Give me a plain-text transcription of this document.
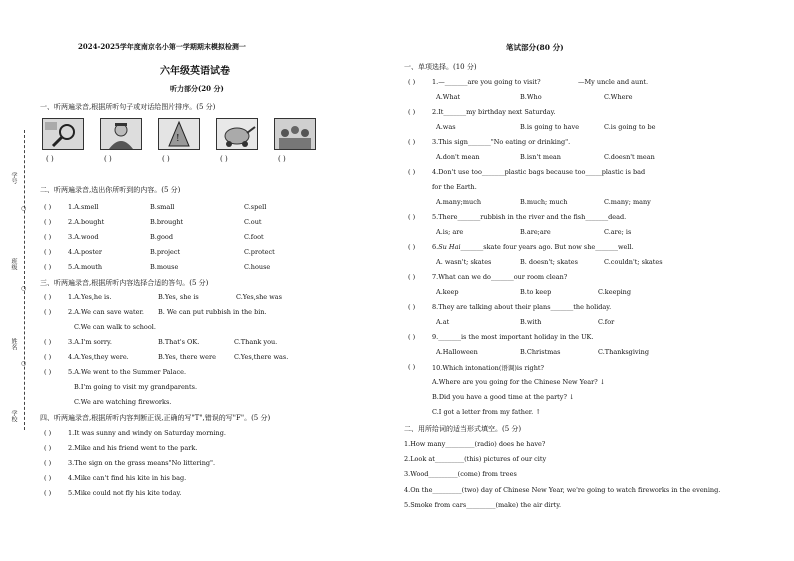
学号
班级
姓名
学校
○
○
○
2024-2025学年度南京名小第一学期期末模拟检测一
六年级英语试卷
听力部分(20 分)
一、听两遍录音,根据所听句子或对话给图片排序。(5 分)
!
( )	( )	( )	( )	( )
二、听两遍录音,选出你所听到的内容。(5 分)
( )	1.A.smell	B.small	C.spell
( )	2.A.bought	B.brought	C.out
( )	3.A.wood	B.good	C.foot
( )	4.A.poster	B.project	C.protect
( )	5.A.mouth	B.mouse	C.house
三、听两遍录音,根据所听内容选择合适的答句。(5 分)
( )	1.A.Yes,he is.	B.Yes, she is	C.Yes,she was
( )	2.A.We can save water. B. We can put rubbish in the bin.
C.We can walk to school.
( )	3.A.I'm sorry.	B.That's OK.	C.Thank you.
( )	4.A.Yes,they were.	B.Yes, there were	C.Yes,there was.
( )	5.A.We went to the Summer Palace.
B.I'm going to visit my grandparents.
C.We are watching fireworks.
四、听两遍录音,根据所听内容判断正误,正确的写"T",错误的写"F"。(5 分)
( )	1.It was sunny and windy on Saturday morning.
( )	2.Mike and his friend went to the park.
( )	3.The sign on the grass means"No littering".
( )	4.Mike can't find his kite in his bag.
( )	5.Mike could not fly his kite today.
笔试部分(80 分)
一、单项选择。(10 分)
( )	1.—_______are you going to visit?	—My uncle and aunt.
A.What	B.Who	C.Where
( )	2.It_______my birthday next Saturday.
A.was	B.is going to have	C.is going to be
( )	3.This sign_______"No eating or drinking".
A.don't mean	B.isn't mean	C.doesn't mean
( )	4.Don't use too_______plastic bags because too_____plastic is bad
for the Earth.
A.many;much	B.much; much	C.many; many
( )	5.There_______rubbish in the river and the fish_______dead.
A.is; are	B.are;are	C.are; is
( )	6.Su Hai_______skate four years ago. But now she_______well.
A. wasn't; skates	B. doesn't; skates	C.couldn't; skates
( )	7.What can we do_______our room clean?
A.keep	B.to keep	C.keeping
( )	8.They are talking about their plans_______the holiday.
A.at	B.with	C.for
( )	9._______is the most important holiday in the UK.
A.Halloween	B.Christmas	C.Thanksgiving
( )	10.Which intonation(语调)is right?
A.Where are you going for the Chinese New Year? ↓
B.Did you have a good time at the party? ↓
C.I got a letter from my father. ↑
二、用所给词的适当形式填空。(5 分)
1.How many_________(radio) does he have?
2.Look at_________(this) pictures of our city
3.Wood_________(come) from trees
4.On the_________(two) day of Chinese New Year, we're going to watch fireworks in the evening.
5.Smoke from cars_________(make) the air dirty.
